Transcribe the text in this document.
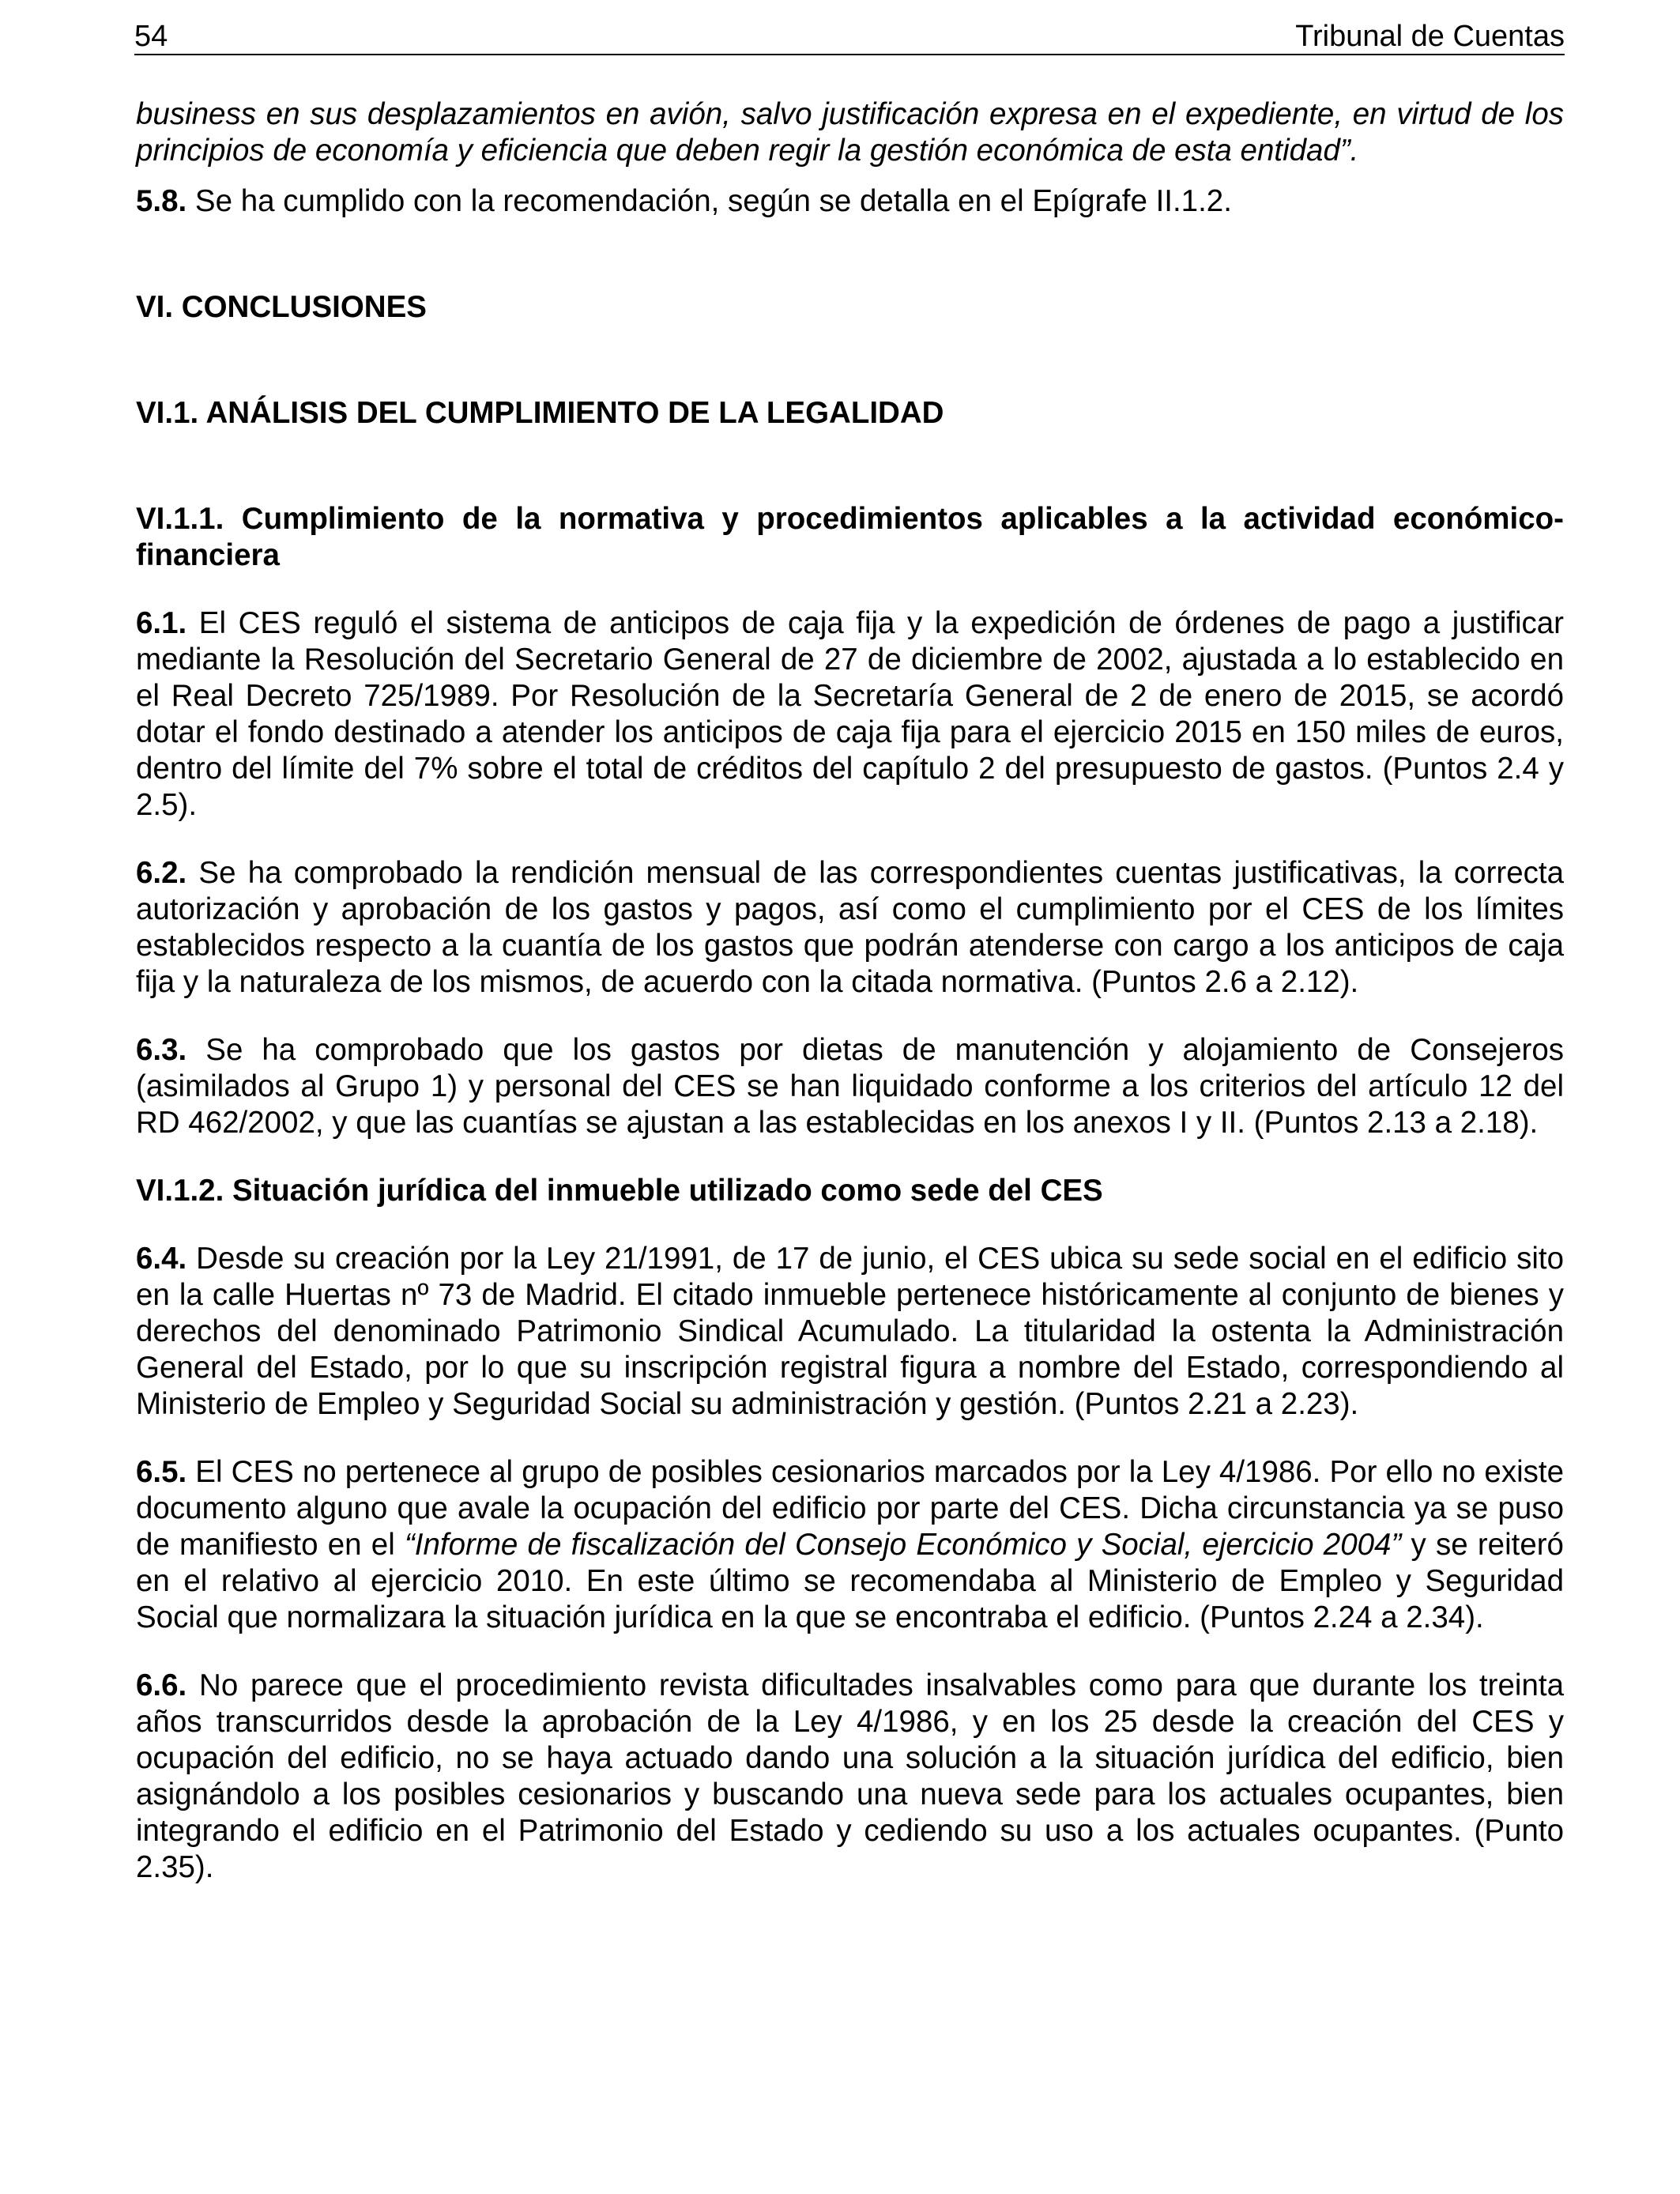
54	Tribunal de Cuentas

business en sus desplazamientos en avión, salvo justificación expresa en el expediente, en virtud de los principios de economía y eficiencia que deben regir la gestión económica de esta entidad”.

5.8. Se ha cumplido con la recomendación, según se detalla en el Epígrafe II.1.2.

VI. CONCLUSIONES
VI.1. ANÁLISIS DEL CUMPLIMIENTO DE LA LEGALIDAD
VI.1.1. Cumplimiento de la normativa y procedimientos aplicables a la actividad económico-financiera

6.1. El CES reguló el sistema de anticipos de caja fija y la expedición de órdenes de pago a justificar mediante la Resolución del Secretario General de 27 de diciembre de 2002, ajustada a lo establecido en el Real Decreto 725/1989. Por Resolución de la Secretaría General de 2 de enero de 2015, se acordó dotar el fondo destinado a atender los anticipos de caja fija para el ejercicio 2015 en 150 miles de euros, dentro del límite del 7% sobre el total de créditos del capítulo 2 del presupuesto de gastos. (Puntos 2.4 y 2.5).

6.2. Se ha comprobado la rendición mensual de las correspondientes cuentas justificativas, la correcta autorización y aprobación de los gastos y pagos, así como el cumplimiento por el CES de los límites establecidos respecto a la cuantía de los gastos que podrán atenderse con cargo a los anticipos de caja fija y la naturaleza de los mismos, de acuerdo con la citada normativa. (Puntos 2.6 a 2.12).

6.3. Se ha comprobado que los gastos por dietas de manutención y alojamiento de Consejeros (asimilados al Grupo 1) y personal del CES se han liquidado conforme a los criterios del artículo 12 del RD 462/2002, y que las cuantías se ajustan a las establecidas en los anexos I y II. (Puntos 2.13 a 2.18).

VI.1.2. Situación jurídica del inmueble utilizado como sede del CES

6.4. Desde su creación por la Ley 21/1991, de 17 de junio, el CES ubica su sede social en el edificio sito en la calle Huertas nº 73 de Madrid. El citado inmueble pertenece históricamente al conjunto de bienes y derechos del denominado Patrimonio Sindical Acumulado. La titularidad la ostenta la Administración General del Estado, por lo que su inscripción registral figura a nombre del Estado, correspondiendo al Ministerio de Empleo y Seguridad Social su administración y gestión. (Puntos 2.21 a 2.23).

6.5. El CES no pertenece al grupo de posibles cesionarios marcados por la Ley 4/1986. Por ello no existe documento alguno que avale la ocupación del edificio por parte del CES. Dicha circunstancia ya se puso de manifiesto en el “Informe de fiscalización del Consejo Económico y Social, ejercicio 2004” y se reiteró en el relativo al ejercicio 2010. En este último se recomendaba al Ministerio de Empleo y Seguridad Social que normalizara la situación jurídica en la que se encontraba el edificio. (Puntos 2.24 a 2.34).

6.6. No parece que el procedimiento revista dificultades insalvables como para que durante los treinta años transcurridos desde la aprobación de la Ley 4/1986, y en los 25 desde la creación del CES y ocupación del edificio, no se haya actuado dando una solución a la situación jurídica del edificio, bien asignándolo a los posibles cesionarios y buscando una nueva sede para los actuales ocupantes, bien integrando el edificio en el Patrimonio del Estado y cediendo su uso a los actuales ocupantes. (Punto 2.35).
